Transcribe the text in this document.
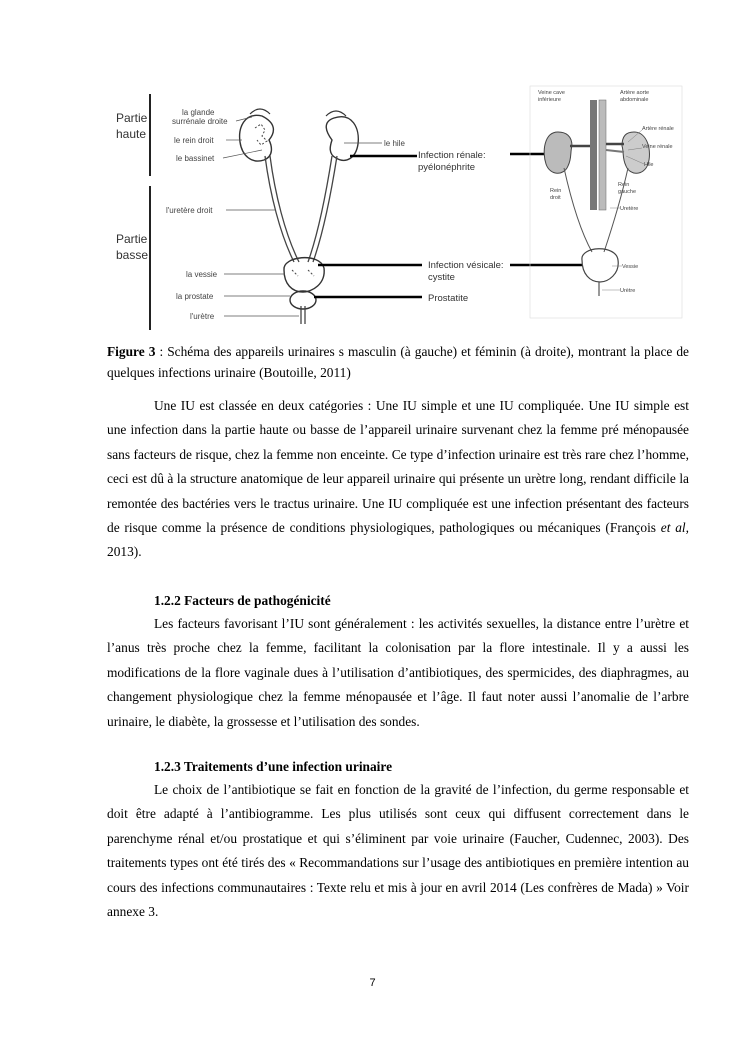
Partie
haute
Partie
basse
la glande
surrénale droite
le rein droit
le bassinet
l'uretère droit
la vessie
la prostate
l'urètre
le hile
Infection rénale:
pyélonéphrite
Infection vésicale:
cystite
Prostatite
Veine cave
inférieure
Artère aorte
abdominale
Artère rénale
Veine rénale
Hile
Rein
gauche
Rein
droit
Uretère
Vessie
Urètre
Figure 3 : Schéma des appareils urinaires s masculin (à gauche) et féminin (à droite), montrant la place de quelques infections urinaire (Boutoille, 2011)
Une IU est classée en deux catégories : Une IU simple et une IU compliquée. Une IU simple est une infection dans la partie haute ou basse de l’appareil urinaire survenant chez la femme pré ménopausée sans facteurs de risque, chez la femme non enceinte. Ce type d’infection urinaire est très rare chez l’homme, ceci est dû à la structure anatomique de leur appareil urinaire qui présente un urètre long, rendant difficile la remontée des bactéries vers le tractus urinaire. Une IU compliquée est une infection présentant des facteurs de risque comme la présence de conditions physiologiques, pathologiques ou mécaniques (François et al, 2013).
1.2.2 Facteurs de pathogénicité
Les facteurs favorisant l’IU sont généralement : les activités sexuelles, la distance entre l’urètre et l’anus très proche chez la femme, facilitant la colonisation par la flore intestinale. Il y a aussi les modifications de la flore vaginale dues à l’utilisation d’antibiotiques, des spermicides, des diaphragmes, au changement physiologique chez la femme ménopausée et l’âge. Il faut noter aussi l’anomalie de l’arbre urinaire, le diabète, la grossesse et l’utilisation des sondes.
1.2.3 Traitements d’une infection urinaire
Le choix de l’antibiotique se fait en fonction de la gravité de l’infection, du germe responsable et doit être adapté à l’antibiogramme. Les plus utilisés sont ceux qui diffusent correctement dans le parenchyme rénal et/ou prostatique et qui s’éliminent par voie urinaire (Faucher, Cudennec, 2003). Des traitements types ont été tirés des « Recommandations sur l’usage des antibiotiques en première intention au cours des infections communautaires : Texte relu et mis à jour en avril 2014 (Les confrères de Mada) » Voir annexe 3.
7
